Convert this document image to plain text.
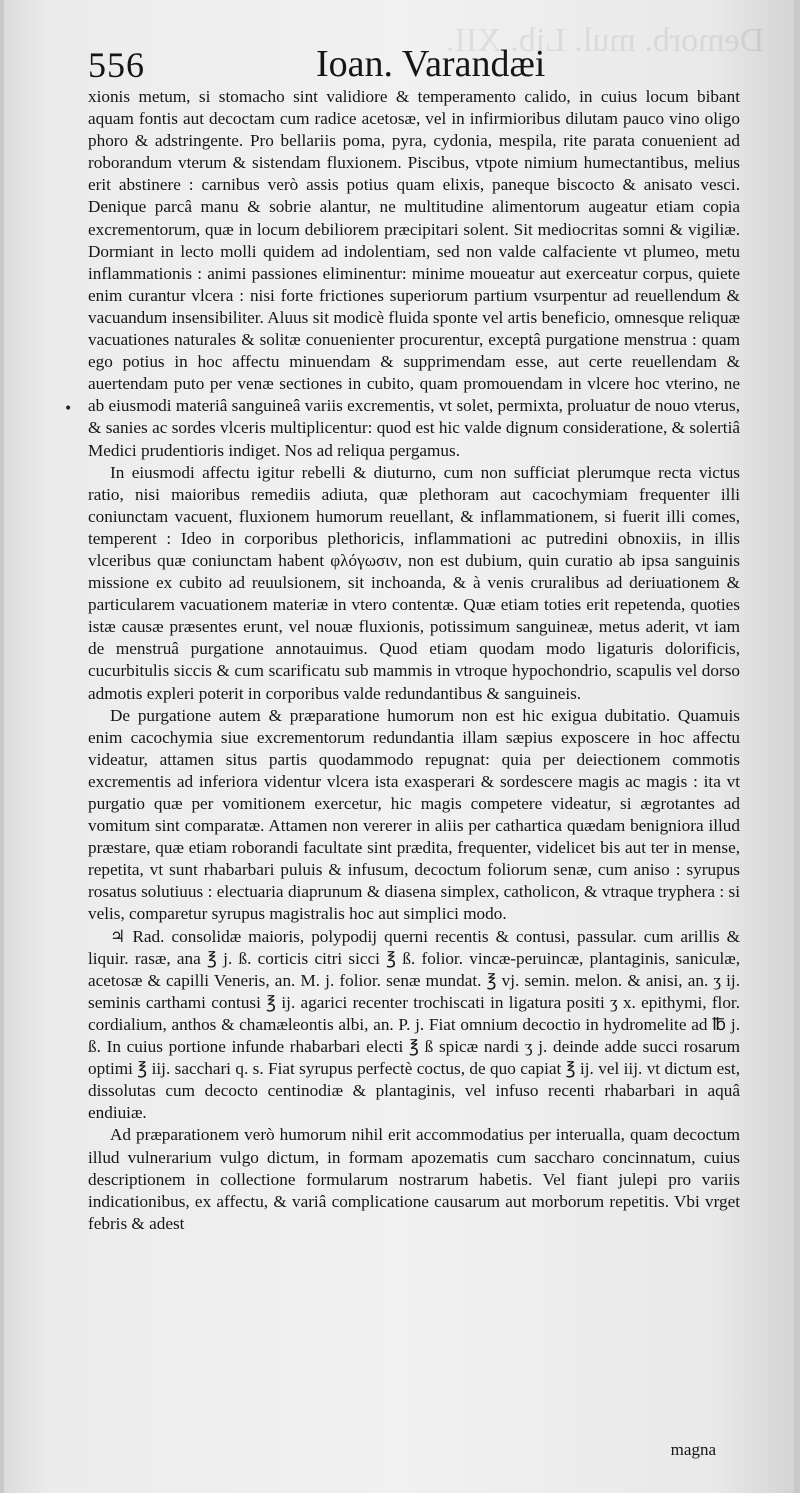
Demorb. mul. Lib. XII.
556	Ioan. Varandæi
•

xionis metum, si stomacho sint validiore & temperamento calido, in cuius locum bibant aquam fontis aut decoctam cum radice acetosæ, vel in infirmioribus dilutam pauco vino oligo phoro & adstringente. Pro bellariis poma, pyra, cydonia, mespila, rite parata conuenient ad roborandum vterum & sistendam fluxionem. Piscibus, vtpote nimium humectantibus, melius erit abstinere : carnibus verò assis potius quam elixis, paneque biscocto & anisato vesci. Denique parcâ manu & sobrie alantur, ne multitudine alimentorum augeatur etiam copia excrementorum, quæ in locum debiliorem præcipitari solent. Sit mediocritas somni & vigiliæ. Dormiant in lecto molli quidem ad indolentiam, sed non valde calfaciente vt plumeo, metu inflammationis : animi passiones eliminentur: minime moueatur aut exerceatur corpus, quiete enim curantur vlcera : nisi forte frictiones superiorum partium vsurpentur ad reuellendum & vacuandum insensibiliter. Aluus sit modicè fluida sponte vel artis beneficio, omnesque reliquæ vacuationes naturales & solitæ conuenienter procurentur, exceptâ purgatione menstrua : quam ego potius in hoc affectu minuendam & supprimendam esse, aut certe reuellendam & auertendam puto per venæ sectiones in cubito, quam promouendam in vlcere hoc vterino, ne ab eiusmodi materiâ sanguineâ variis excrementis, vt solet, permixta, proluatur de nouo vterus, & sanies ac sordes vlceris multiplicentur: quod est hic valde dignum consideratione, & solertiâ Medici prudentioris indiget. Nos ad reliqua pergamus.

In eiusmodi affectu igitur rebelli & diuturno, cum non sufficiat plerumque recta victus ratio, nisi maioribus remediis adiuta, quæ plethoram aut cacochymiam frequenter illi coniunctam vacuent, fluxionem humorum reuellant, & inflammationem, si fuerit illi comes, temperent : Ideo in corporibus plethoricis, inflammationi ac putredini obnoxiis, in illis vlceribus quæ coniunctam habent φλόγωσιν, non est dubium, quin curatio ab ipsa sanguinis missione ex cubito ad reuulsionem, sit inchoanda, & à venis cruralibus ad deriuationem & particularem vacuationem materiæ in vtero contentæ. Quæ etiam toties erit repetenda, quoties istæ causæ præsentes erunt, vel nouæ fluxionis, potissimum sanguineæ, metus aderit, vt iam de menstruâ purgatione annotauimus. Quod etiam quodam modo ligaturis dolorificis, cucurbitulis siccis & cum scarificatu sub mammis in vtroque hypochondrio, scapulis vel dorso admotis expleri poterit in corporibus valde redundantibus & sanguineis.

De purgatione autem & præparatione humorum non est hic exigua dubitatio. Quamuis enim cacochymia siue excrementorum redundantia illam sæpius exposcere in hoc affectu videatur, attamen situs partis quodammodo repugnat: quia per deiectionem commotis excrementis ad inferiora videntur vlcera ista exasperari & sordescere magis ac magis : ita vt purgatio quæ per vomitionem exercetur, hic magis competere videatur, si ægrotantes ad vomitum sint comparatæ. Attamen non vererer in aliis per cathartica quædam benigniora illud præstare, quæ etiam roborandi facultate sint prædita, frequenter, videlicet bis aut ter in mense, repetita, vt sunt rhabarbari puluis & infusum, decoctum foliorum senæ, cum aniso : syrupus rosatus solutiuus : electuaria diaprunum & diasena simplex, catholicon, & vtraque tryphera : si velis, comparetur syrupus magistralis hoc aut simplici modo.

♃ Rad. consolidæ maioris, polypodij querni recentis & contusi, passular. cum arillis & liquir. rasæ, ana ℥ j. ß. corticis citri sicci ℥ ß. folior. vincæ-peruincæ, plantaginis, saniculæ, acetosæ & capilli Veneris, an. M. j. folior. senæ mundat. ℥ vj. semin. melon. & anisi, an. ʒ ij. seminis carthami contusi ℥ ij. agarici recenter trochiscati in ligatura positi ʒ x. epithymi, flor. cordialium, anthos & chamæleontis albi, an. P. j. Fiat omnium decoctio in hydromelite ad ℔ j. ß. In cuius portione infunde rhabarbari electi ℥ ß spicæ nardi ʒ j. deinde adde succi rosarum optimi ℥ iij. sacchari q. s. Fiat syrupus perfectè coctus, de quo capiat ℥ ij. vel iij. vt dictum est, dissolutas cum decocto centinodiæ & plantaginis, vel infuso recenti rhabarbari in aquâ endiuiæ.

Ad præparationem verò humorum nihil erit accommodatius per interualla, quam decoctum illud vulnerarium vulgo dictum, in formam apozematis cum saccharo concinnatum, cuius descriptionem in collectione formularum nostrarum habetis. Vel fiant julepi pro variis indicationibus, ex affectu, & variâ complicatione causarum aut morborum repetitis. Vbi vrget febris & adest

magna
